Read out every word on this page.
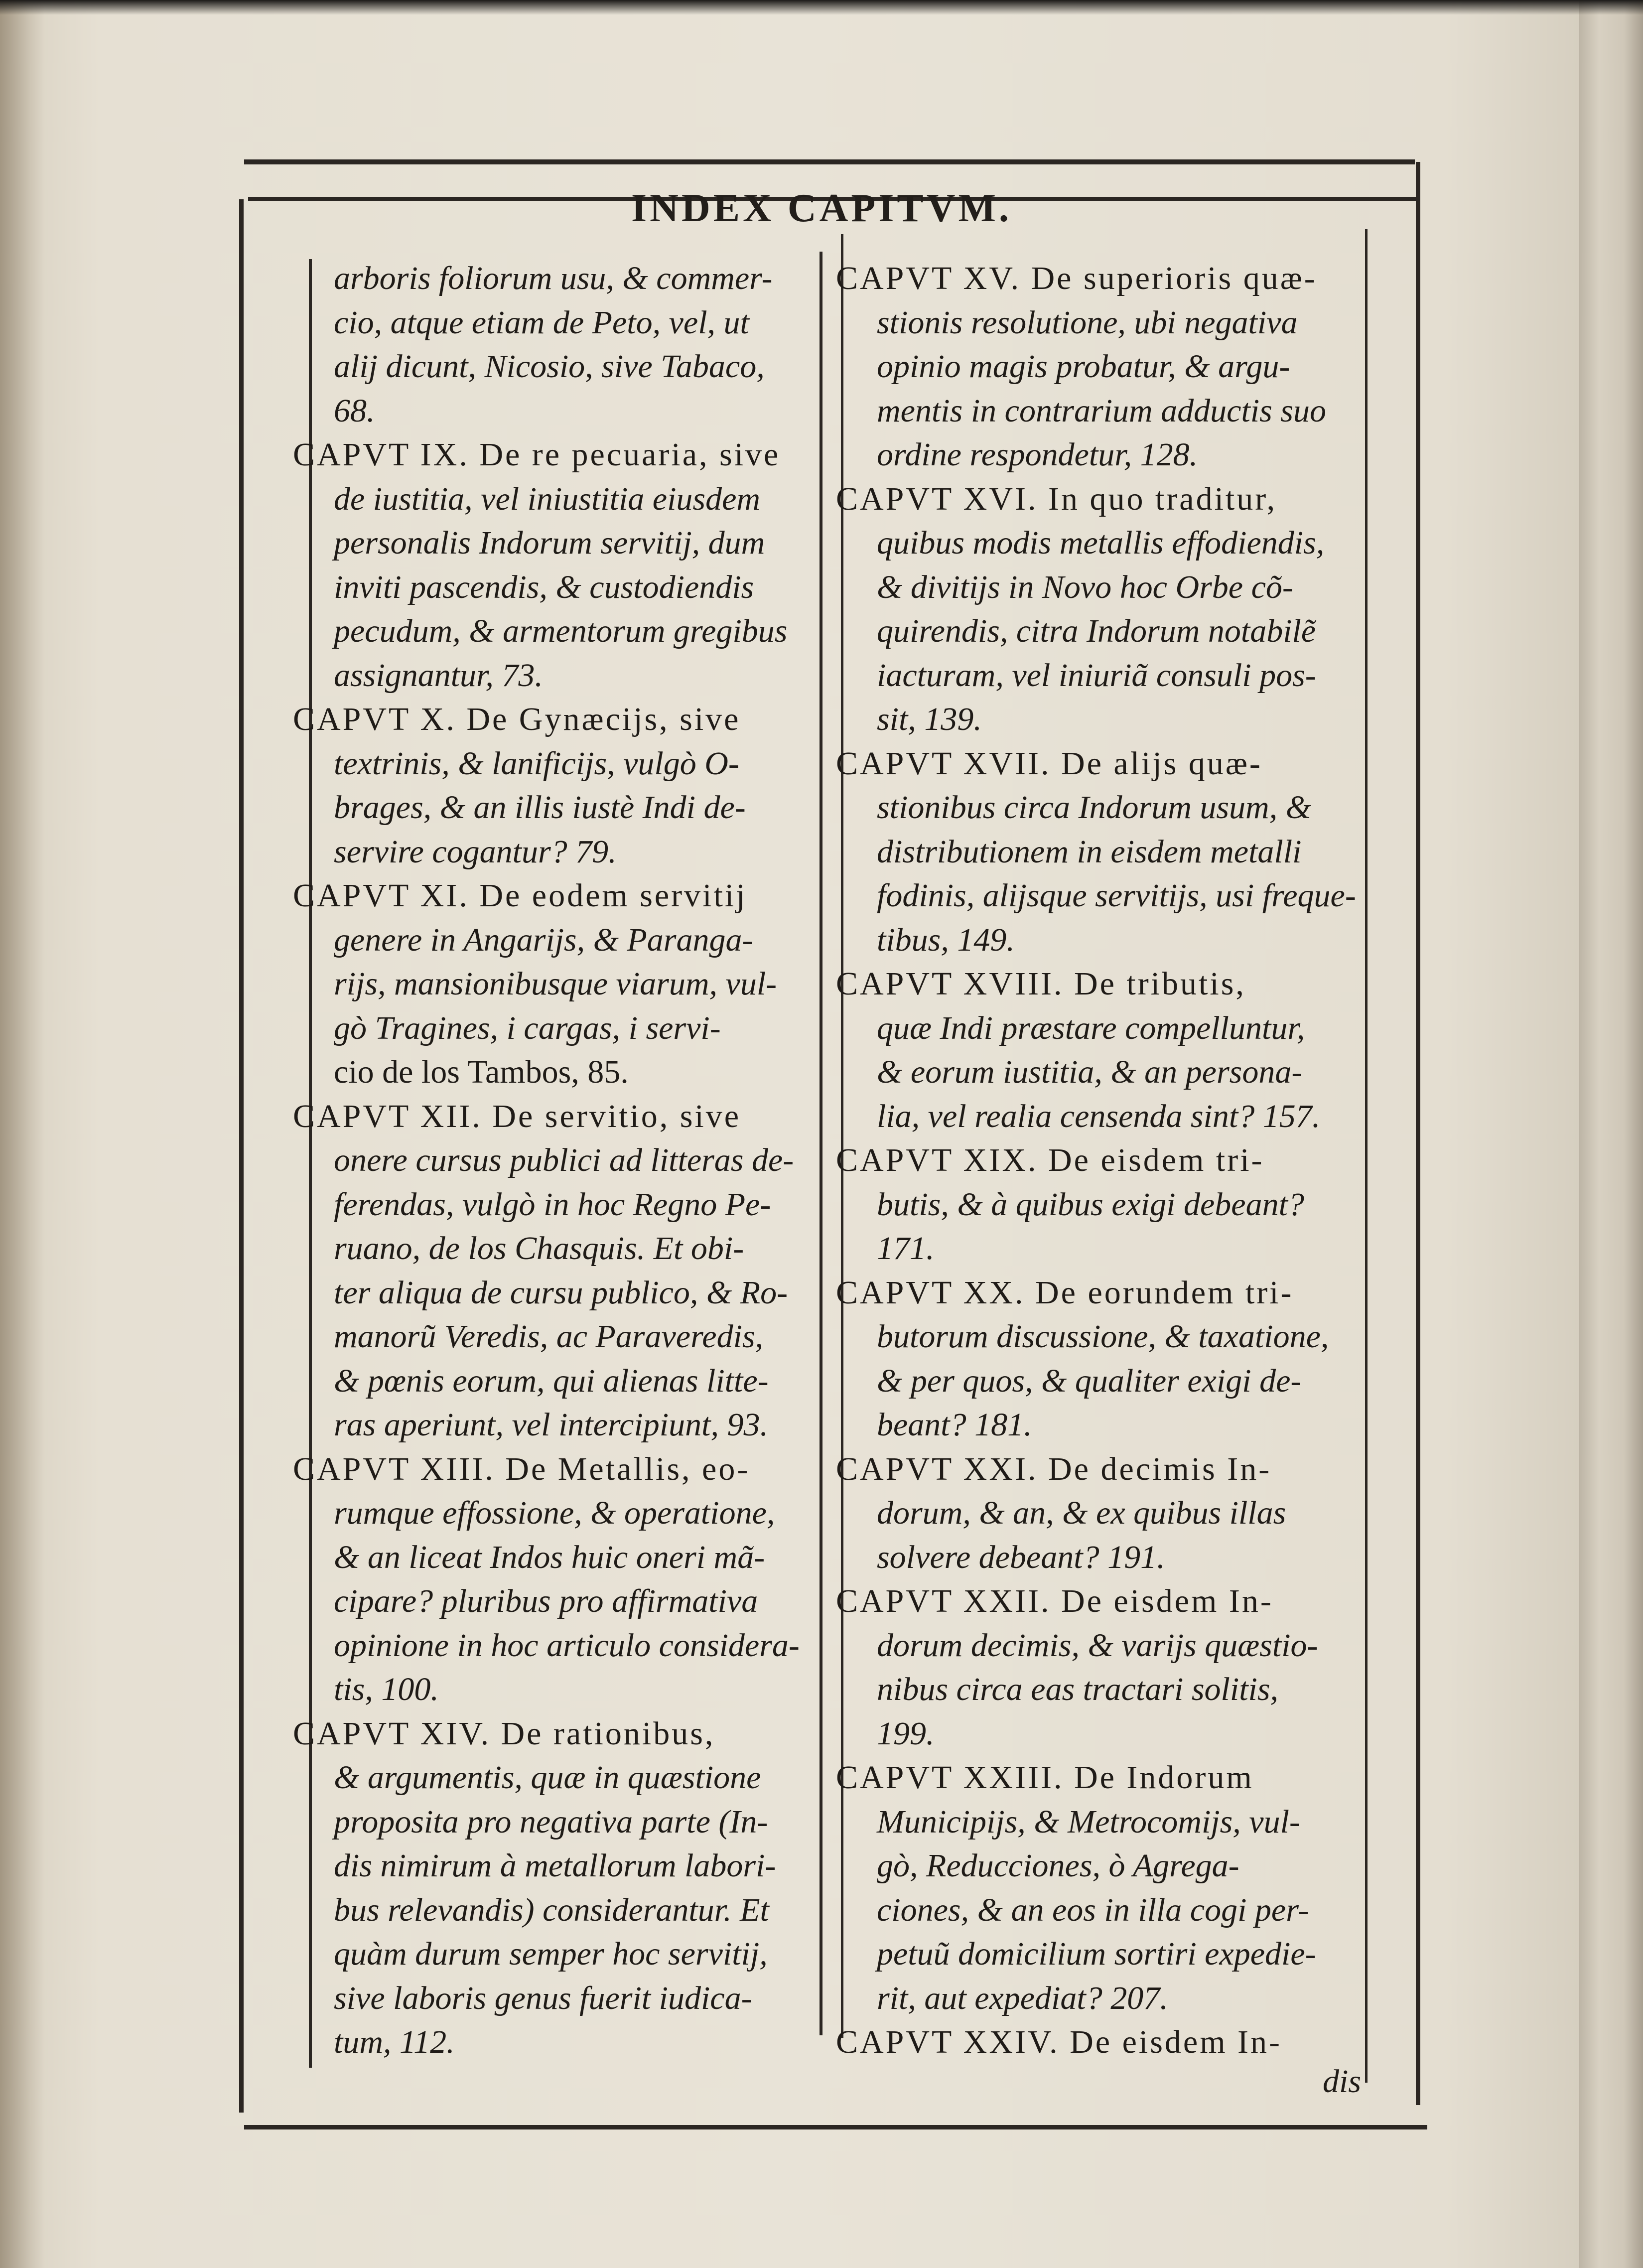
INDEX CAPITVM.
arboris foliorum usu, & commer-
cio, atque etiam de Peto, vel, ut
alij dicunt, Nicosio, sive Tabaco,
68.
CAPVT IX. De re pecuaria, sive
de iustitia, vel iniustitia eiusdem
personalis Indorum servitij, dum
inviti pascendis, & custodiendis
pecudum, & armentorum gregibus
assignantur, 73.
CAPVT X. De Gynæcijs, sive
textrinis, & lanificijs, vulgò O-
brages, & an illis iustè Indi de-
servire cogantur? 79.
CAPVT XI. De eodem servitij
genere in Angarijs, & Paranga-
rijs, mansionibusque viarum, vul-
gò Tragines, i cargas, i servi-
cio de los Tambos, 85.
CAPVT XII. De servitio, sive
onere cursus publici ad litteras de-
ferendas, vulgò in hoc Regno Pe-
ruano, de los Chasquis. Et obi-
ter aliqua de cursu publico, & Ro-
manorũ Veredis, ac Paraveredis,
& pœnis eorum, qui alienas litte-
ras aperiunt, vel intercipiunt, 93.
CAPVT XIII. De Metallis, eo-
rumque effossione, & operatione,
& an liceat Indos huic oneri mã-
cipare? pluribus pro affirmativa
opinione in hoc articulo considera-
tis, 100.
CAPVT XIV. De rationibus,
& argumentis, quæ in quæstione
proposita pro negativa parte (In-
dis nimirum à metallorum labori-
bus relevandis) considerantur. Et
quàm durum semper hoc servitij,
sive laboris genus fuerit iudica-
tum, 112.
CAPVT XV. De superioris quæ-
stionis resolutione, ubi negativa
opinio magis probatur, & argu-
mentis in contrarium adductis suo
ordine respondetur, 128.
CAPVT XVI. In quo traditur,
quibus modis metallis effodiendis,
& divitijs in Novo hoc Orbe cõ-
quirendis, citra Indorum notabilẽ
iacturam, vel iniuriã consuli pos-
sit, 139.
CAPVT XVII. De alijs quæ-
stionibus circa Indorum usum, &
distributionem in eisdem metalli
fodinis, alijsque servitijs, usi freque-
tibus, 149.
CAPVT XVIII. De tributis,
quæ Indi præstare compelluntur,
& eorum iustitia, & an persona-
lia, vel realia censenda sint? 157.
CAPVT XIX. De eisdem tri-
butis, & à quibus exigi debeant?
171.
CAPVT XX. De eorundem tri-
butorum discussione, & taxatione,
& per quos, & qualiter exigi de-
beant? 181.
CAPVT XXI. De decimis In-
dorum, & an, & ex quibus illas
solvere debeant? 191.
CAPVT XXII. De eisdem In-
dorum decimis, & varijs quæstio-
nibus circa eas tractari solitis,
199.
CAPVT XXIII. De Indorum
Municipijs, & Metrocomijs, vul-
gò, Reducciones, ò Agrega-
ciones, & an eos in illa cogi per-
petuũ domicilium sortiri expedie-
rit, aut expediat? 207.
CAPVT XXIV. De eisdem In-

dis
